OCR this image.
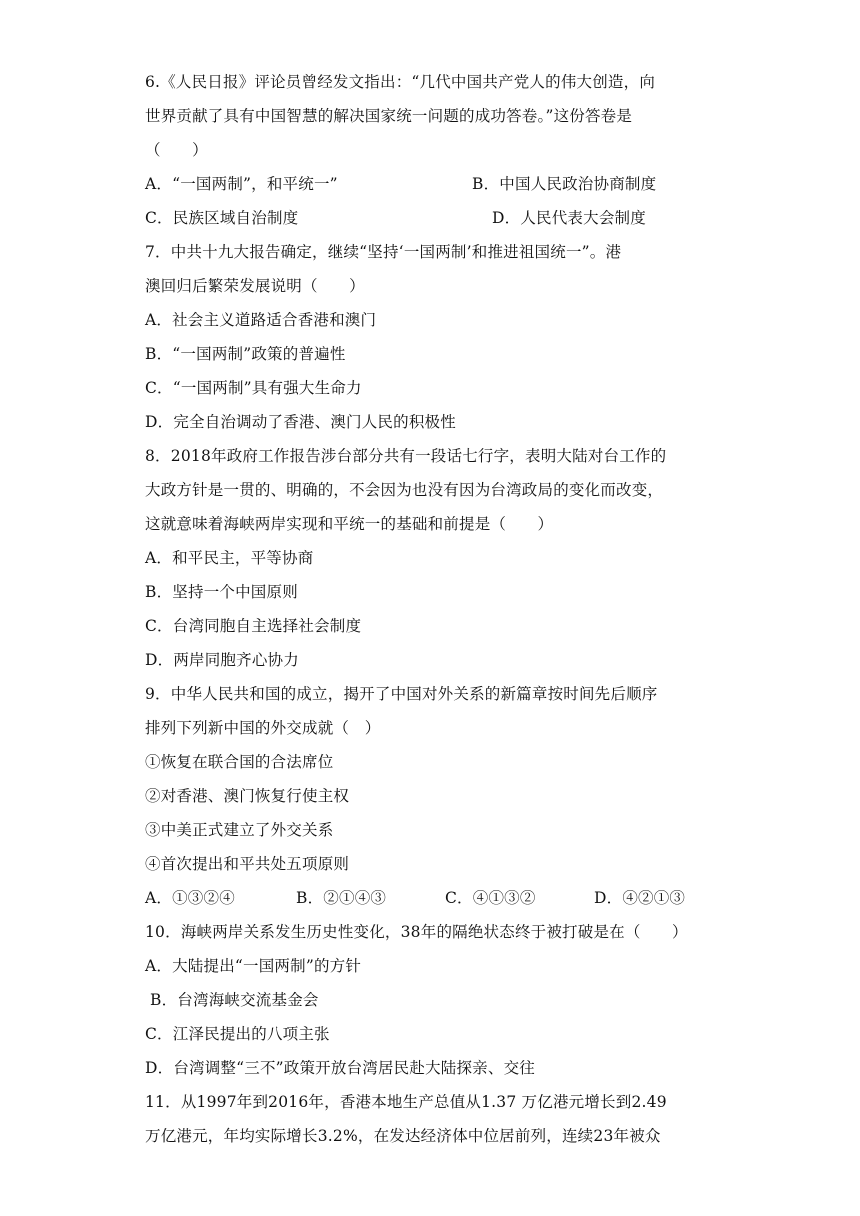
6.《人民日报》评论员曾经发文指出：“几代中国共产党人的伟大创造，向
世界贡献了具有中国智慧的解决国家统一问题的成功答卷。”这份答卷是
（　　）
A．“一国两制”，和平统一”	B．中国人民政治协商制度
C．民族区域自治制度	D．人民代表大会制度
7．中共十九大报告确定，继续“坚持‘一国两制’和推进祖国统一”。港
澳回归后繁荣发展说明（　　）
A．社会主义道路适合香港和澳门
B．“一国两制”政策的普遍性
C．“一国两制”具有强大生命力
D．完全自治调动了香港、澳门人民的积极性
8．2018年政府工作报告涉台部分共有一段话七行字，表明大陆对台工作的
大政方针是一贯的、明确的，不会因为也没有因为台湾政局的变化而改变，
这就意味着海峡两岸实现和平统一的基础和前提是（　　）
A．和平民主，平等协商
B．坚持一个中国原则
C．台湾同胞自主选择社会制度
D．两岸同胞齐心协力
9．中华人民共和国的成立，揭开了中国对外关系的新篇章按时间先后顺序
排列下列新中国的外交成就（　）
①恢复在联合国的合法席位
②对香港、澳门恢复行使主权
③中美正式建立了外交关系
④首次提出和平共处五项原则
A．①③②④	B．②①④③	C．④①③②	D．④②①③
10．海峡两岸关系发生历史性变化，38年的隔绝状态终于被打破是在（　　）
A．大陆提出“一国两制”的方针
B．台湾海峡交流基金会
C．江泽民提出的八项主张
D．台湾调整“三不”政策开放台湾居民赴大陆探亲、交往
11．从1997年到2016年，香港本地生产总值从1.37 万亿港元增长到2.49
万亿港元，年均实际增长3.2%，在发达经济体中位居前列，连续23年被众
